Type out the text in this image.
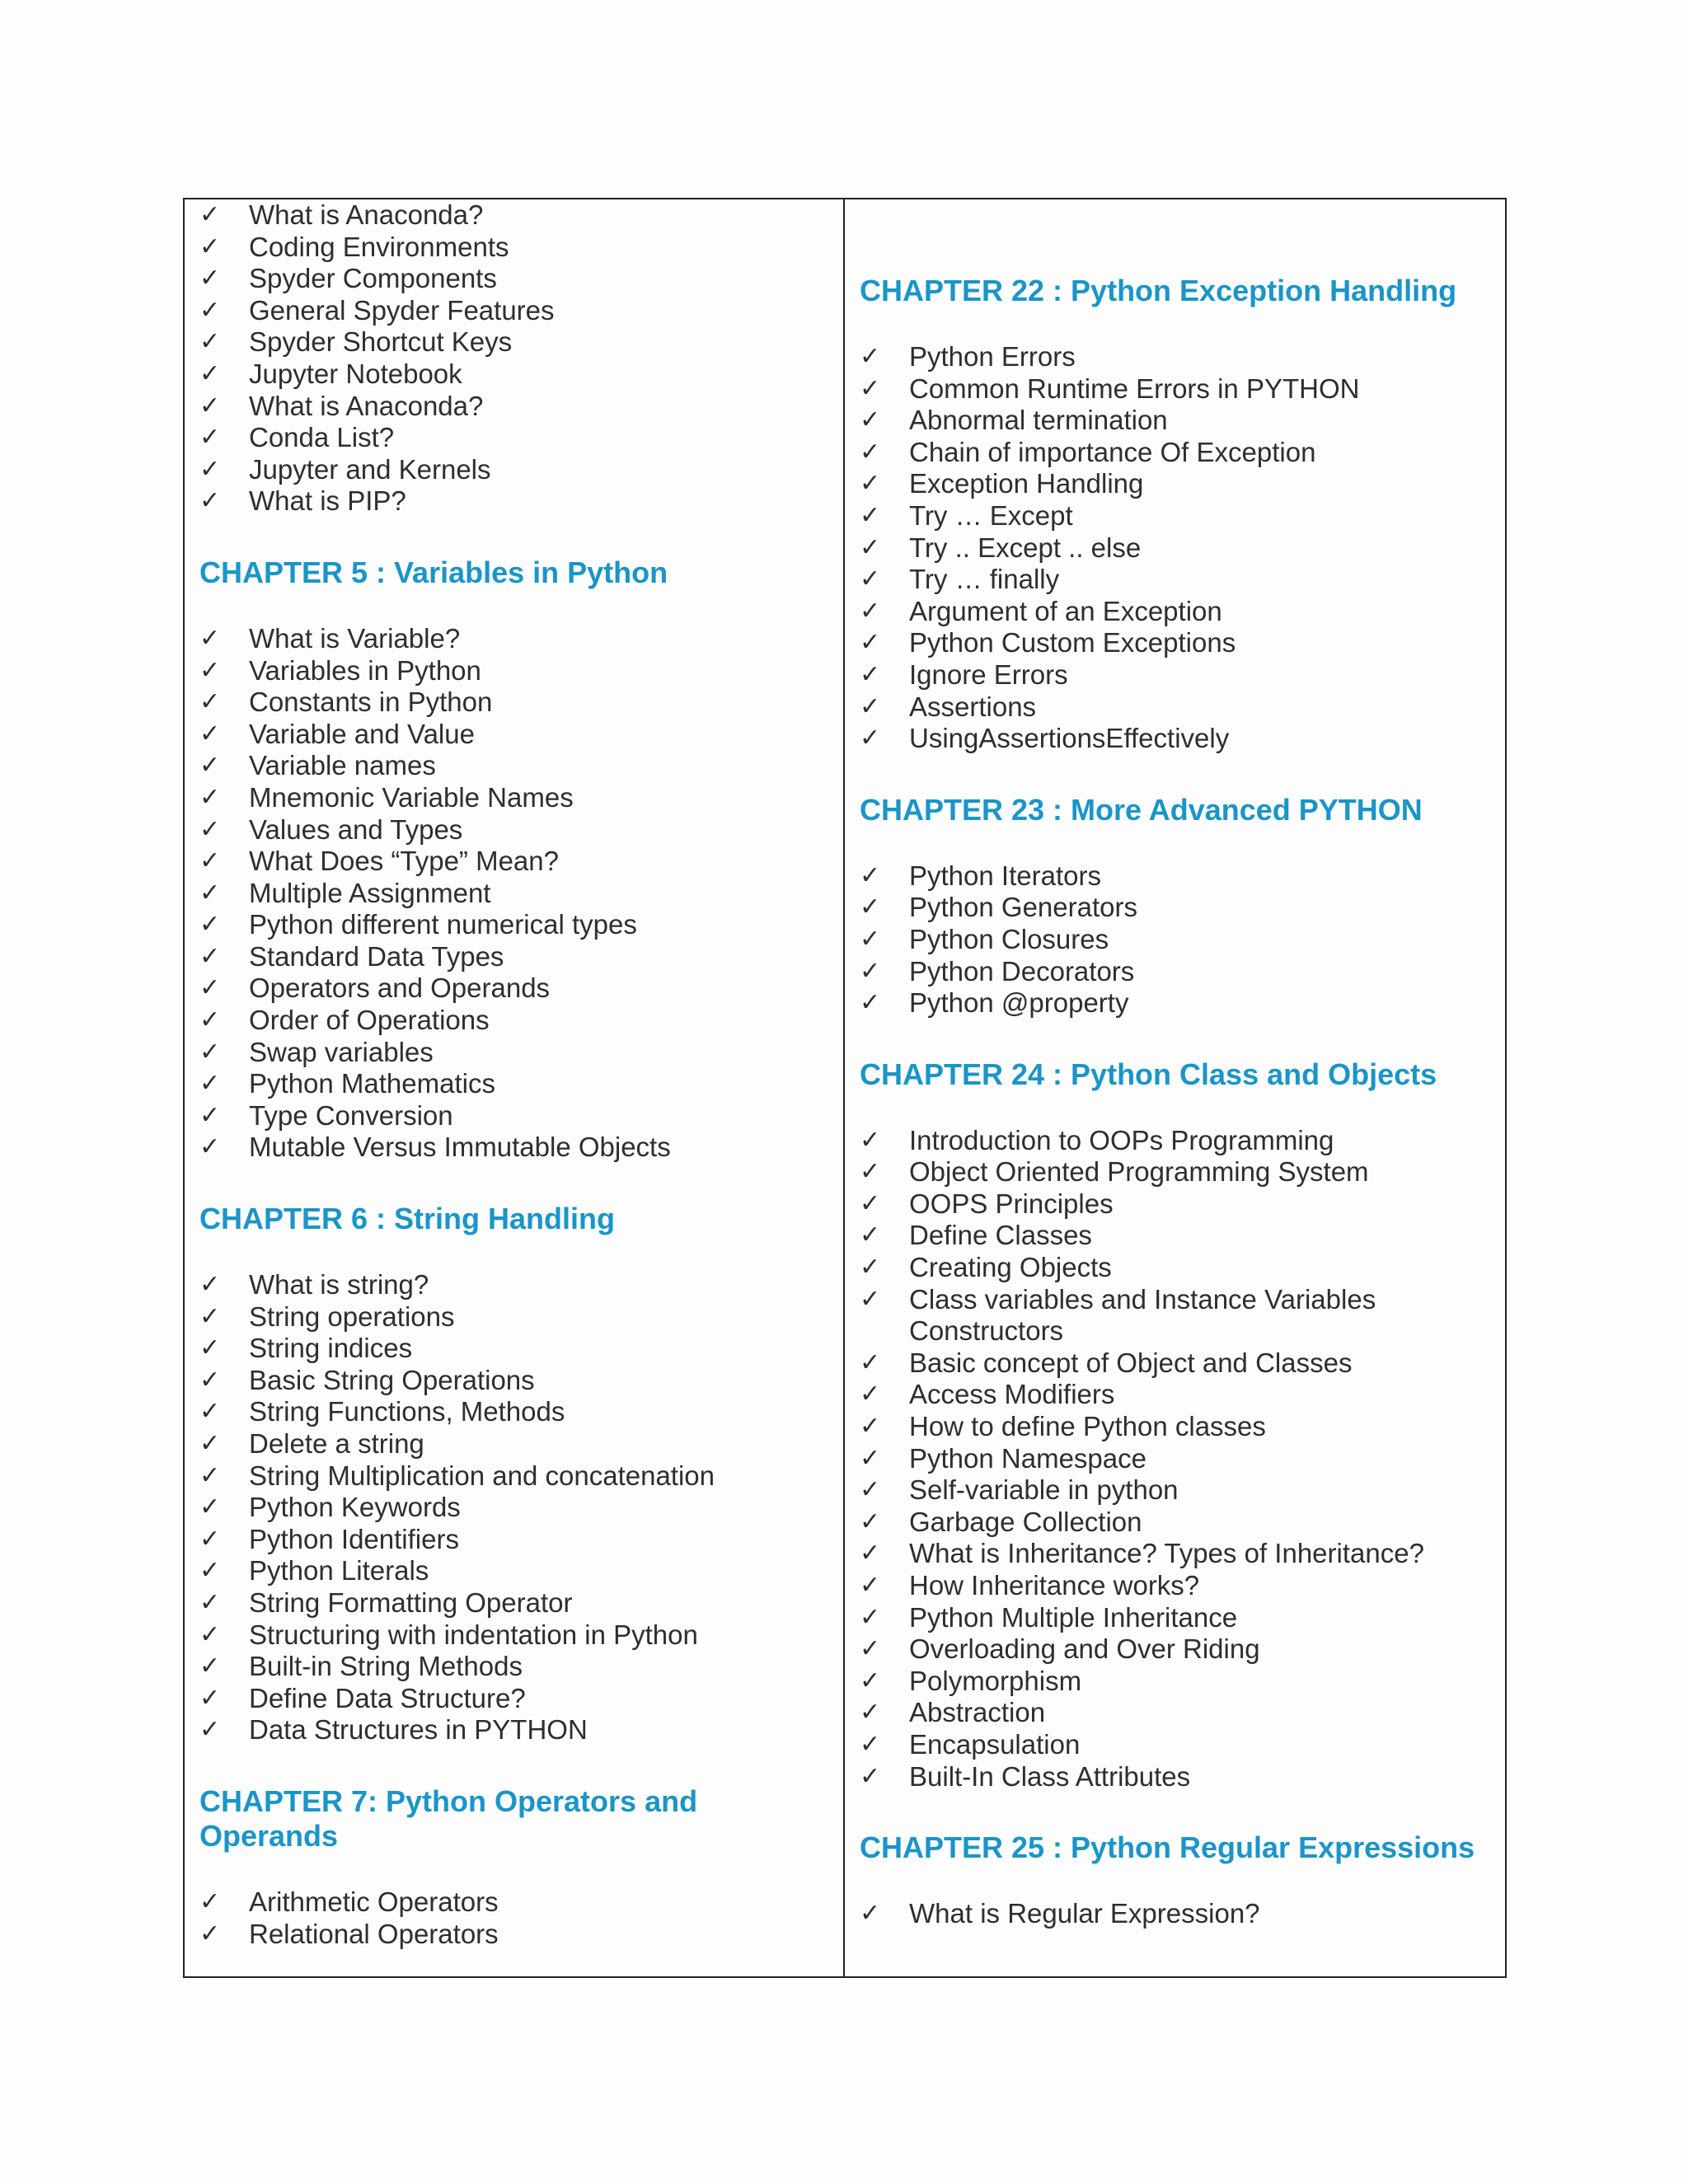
✓	What is Anaconda?
✓	Coding Environments
✓	Spyder Components
✓	General Spyder Features
✓	Spyder Shortcut Keys
✓	Jupyter Notebook
✓	What is Anaconda?
✓	Conda List?
✓	Jupyter and Kernels
✓	What is PIP?
CHAPTER 5 : Variables in Python
✓	What is Variable?
✓	Variables in Python
✓	Constants in Python
✓	Variable and Value
✓	Variable names
✓	Mnemonic Variable Names
✓	Values and Types
✓	What Does “Type” Mean?
✓	Multiple Assignment
✓	Python different numerical types
✓	Standard Data Types
✓	Operators and Operands
✓	Order of Operations
✓	Swap variables
✓	Python Mathematics
✓	Type Conversion
✓	Mutable Versus Immutable Objects
CHAPTER 6 : String Handling
✓	What is string?
✓	String operations
✓	String indices
✓	Basic String Operations
✓	String Functions, Methods
✓	Delete a string
✓	String Multiplication and concatenation
✓	Python Keywords
✓	Python Identifiers
✓	Python Literals
✓	String Formatting Operator
✓	Structuring with indentation in Python
✓	Built-in String Methods
✓	Define Data Structure?
✓	Data Structures in PYTHON
CHAPTER 7: Python Operators and
Operands
✓	Arithmetic Operators
✓	Relational Operators
CHAPTER 22 : Python Exception Handling
✓	Python Errors
✓	Common Runtime Errors in PYTHON
✓	Abnormal termination
✓	Chain of importance Of Exception
✓	Exception Handling
✓	Try … Except
✓	Try .. Except .. else
✓	Try … finally
✓	Argument of an Exception
✓	Python Custom Exceptions
✓	Ignore Errors
✓	Assertions
✓	UsingAssertionsEffectively
CHAPTER 23 : More Advanced PYTHON
✓	Python Iterators
✓	Python Generators
✓	Python Closures
✓	Python Decorators
✓	Python @property
CHAPTER 24 : Python Class and Objects
✓	Introduction to OOPs Programming
✓	Object Oriented Programming System
✓	OOPS Principles
✓	Define Classes
✓	Creating Objects
✓	Class variables and Instance Variables
Constructors
✓	Basic concept of Object and Classes
✓	Access Modifiers
✓	How to define Python classes
✓	Python Namespace
✓	Self-variable in python
✓	Garbage Collection
✓	What is Inheritance? Types of Inheritance?
✓	How Inheritance works?
✓	Python Multiple Inheritance
✓	Overloading and Over Riding
✓	Polymorphism
✓	Abstraction
✓	Encapsulation
✓	Built-In Class Attributes
CHAPTER 25 : Python Regular Expressions
✓	What is Regular Expression?
